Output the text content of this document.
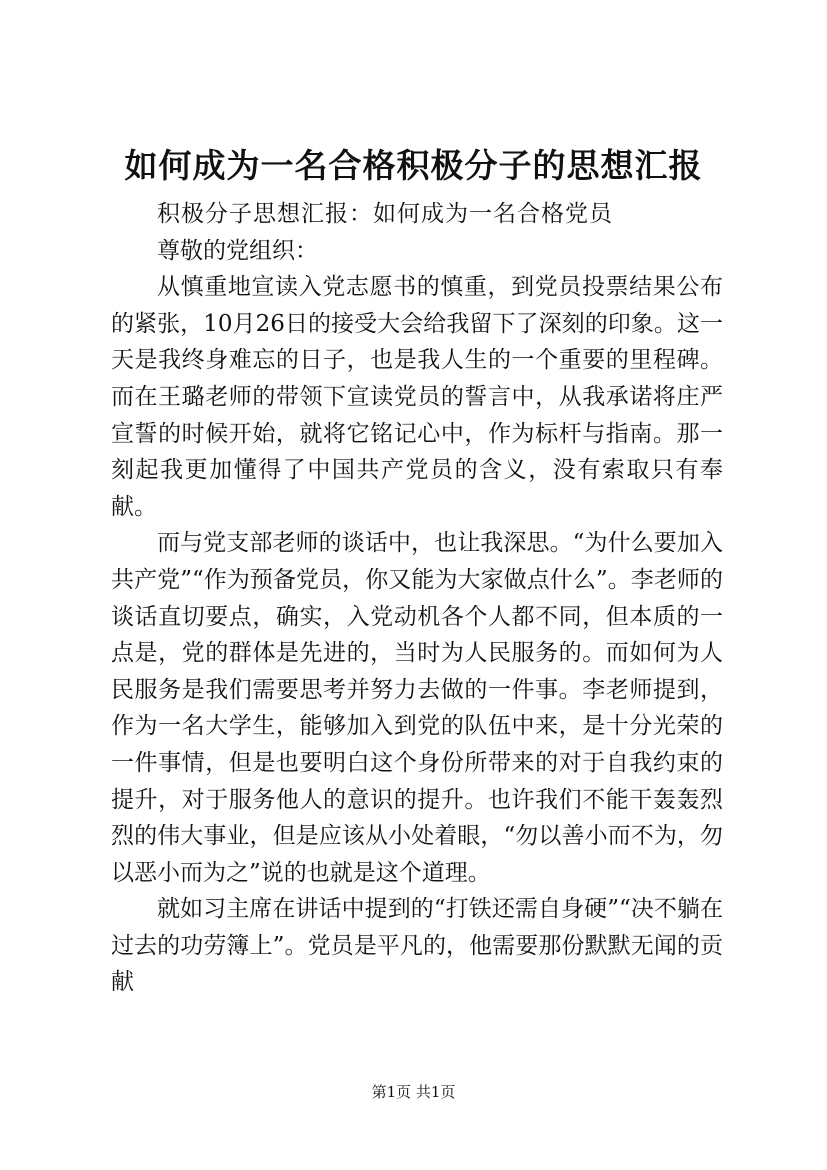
如何成为一名合格积极分子的思想汇报

积极分子思想汇报：如何成为一名合格党员

尊敬的党组织：

从慎重地宣读入党志愿书的慎重，到党员投票结果公布的紧张，10月26日的接受大会给我留下了深刻的印象。这一天是我终身难忘的日子，也是我人生的一个重要的里程碑。而在王璐老师的带领下宣读党员的誓言中，从我承诺将庄严宣誓的时候开始，就将它铭记心中，作为标杆与指南。那一刻起我更加懂得了中国共产党员的含义，没有索取只有奉献。

而与党支部老师的谈话中，也让我深思。“为什么要加入共产党”“作为预备党员，你又能为大家做点什么”。李老师的谈话直切要点，确实，入党动机各个人都不同，但本质的一点是，党的群体是先进的，当时为人民服务的。而如何为人民服务是我们需要思考并努力去做的一件事。李老师提到，作为一名大学生，能够加入到党的队伍中来，是十分光荣的一件事情，但是也要明白这个身份所带来的对于自我约束的提升，对于服务他人的意识的提升。也许我们不能干轰轰烈烈的伟大事业，但是应该从小处着眼，“勿以善小而不为，勿以恶小而为之”说的也就是这个道理。

就如习主席在讲话中提到的“打铁还需自身硬”“决不躺在过去的功劳簿上”。党员是平凡的，他需要那份默默无闻的贡献

第1页 共1页
